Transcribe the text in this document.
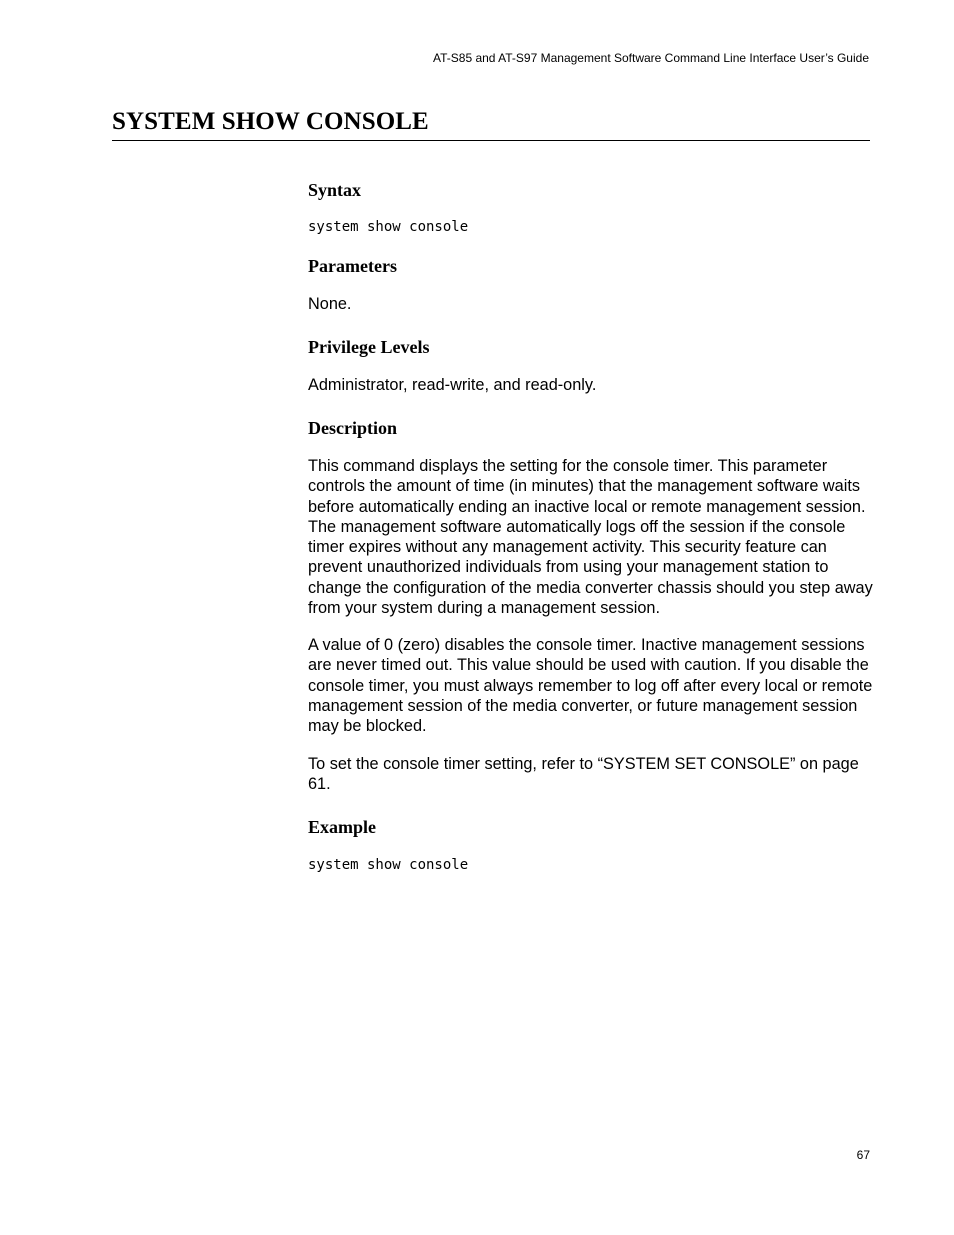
AT-S85 and AT-S97 Management Software Command Line Interface User’s Guide
SYSTEM SHOW CONSOLE
Syntax
system show console
Parameters

None.

Privilege Levels

Administrator, read-write, and read-only.

Description

This command displays the setting for the console timer. This parameter controls the amount of time (in minutes) that the management software waits before automatically ending an inactive local or remote management session. The management software automatically logs off the session if the console timer expires without any management activity. This security feature can prevent unauthorized individuals from using your management station to change the configuration of the media converter chassis should you step away from your system during a management session.

A value of 0 (zero) disables the console timer. Inactive management sessions are never timed out. This value should be used with caution. If you disable the console timer, you must always remember to log off after every local or remote management session of the media converter, or future management session may be blocked.

To set the console timer setting, refer to “SYSTEM SET CONSOLE” on page 61.

Example
system show console
67
